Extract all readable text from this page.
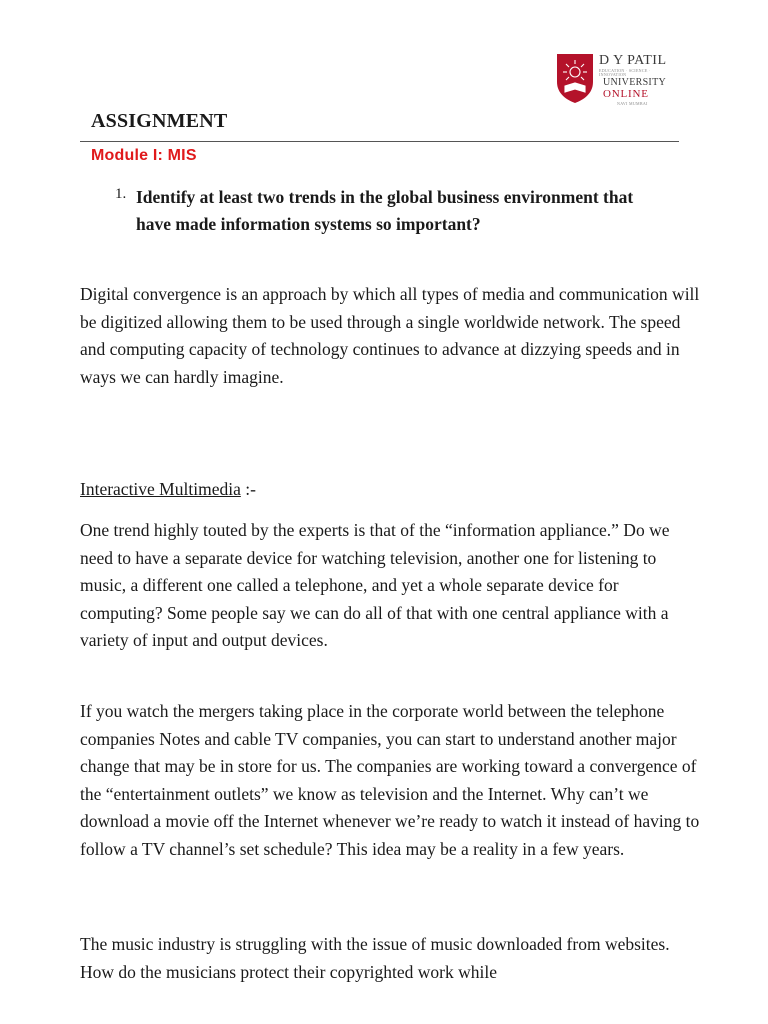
D Y PATIL
EDUCATION · SCIENCE · INNOVATION
UNIVERSITY
ONLINE
NAVI MUMBAI
ASSIGNMENT
Module I: MIS
1. Identify at least two trends in the global business environment that have made information systems so important?

Digital convergence is an approach by which all types of media and communication will be digitized allowing them to be used through a single worldwide network. The speed and computing capacity of technology continues to advance at dizzying speeds and in ways we can hardly imagine.

Interactive Multimedia :-

One trend highly touted by the experts is that of the “information appliance.” Do we need to have a separate device for watching television, another one for listening to music, a different one called a telephone, and yet a whole separate device for computing? Some people say we can do all of that with one central appliance with a variety of input and output devices.

If you watch the mergers taking place in the corporate world between the telephone companies Notes and cable TV companies, you can start to understand another major change that may be in store for us. The companies are working toward a convergence of the “entertainment outlets” we know as television and the Internet. Why can’t we download a movie off the Internet whenever we’re ready to watch it instead of having to follow a TV channel’s set schedule? This idea may be a reality in a few years.

The music industry is struggling with the issue of music downloaded from websites. How do the musicians protect their copyrighted work while
